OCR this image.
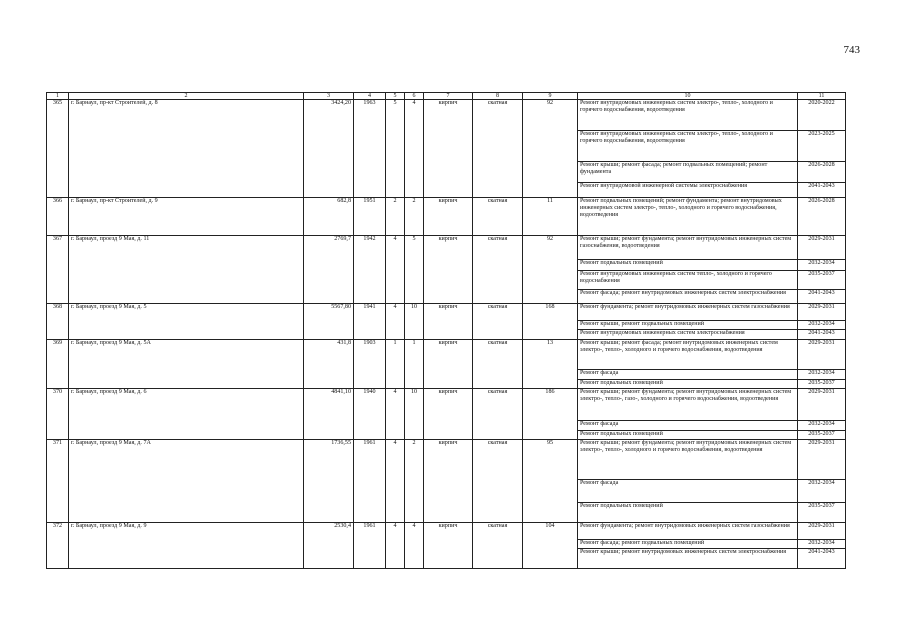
743
1	2	3	4	5	6	7	8	9	10	11
365	г. Барнаул, пр-кт Строителей, д. 8	3424,20	1963	5	4	кирпич	скатная	92	Ремонт внутридомовых инженерных систем электро-, тепло-, холодного и горячего водоснабжения, водоотведения	2020-2022
									Ремонт внутридомовых инженерных систем электро-, тепло-, холодного и горячего водоснабжения, водоотведения	2023-2025
									Ремонт крыши; ремонт фасада; ремонт подвальных помещений; ремонт фундамента	2026-2028
									Ремонт внутридомовой инженерной системы электроснабжения	2041-2043
366	г. Барнаул, пр-кт Строителей, д. 9	682,8	1951	2	2	кирпич	скатная	11	Ремонт подвальных помещений; ремонт фундамента; ремонт внутридомовых инженерных систем электро-, тепло-, холодного и горячего водоснабжения, водоотведения	2026-2028
367	г. Барнаул, проезд 9 Мая, д. 11	2769,7	1942	4	5	кирпич	скатная	92	Ремонт крыши; ремонт фундамента; ремонт внутридомовых инженерных систем газоснабжения, водоотведения	2029-2031
									Ремонт подвальных помещений	2032-2034
									Ремонт внутридомовых инженерных систем тепло-, холодного и горячего водоснабжения	2035-2037
									Ремонт фасада; ремонт внутридомовых инженерных систем электроснабжения	2041-2043
368	г. Барнаул, проезд 9 Мая, д. 5	5567,80	1941	4	10	кирпич	скатная	168	Ремонт фундамента; ремонт внутридомовых инженерных систем газоснабжения	2029-2031
									Ремонт крыши, ремонт подвальных помещений	2032-2034
									Ремонт внутридомовых инженерных систем электроснабжения	2041-2043
369	г. Барнаул, проезд 9 Мая, д. 5А	431,8	1903	1	1	кирпич	скатная	13	Ремонт крыши; ремонт фасада; ремонт внутридомовых инженерных систем электро-, тепло-, холодного и горячего водоснабжения, водоотведения	2029-2031
									Ремонт фасада	2032-2034
									Ремонт подвальных помещений	2035-2037
370	г. Барнаул, проезд 9 Мая, д. 6	4841,10	1940	4	10	кирпич	скатная	186	Ремонт крыши; ремонт фундамента; ремонт внутридомовых инженерных систем электро-, тепло-, газо-, холодного и горячего водоснабжения, водоотведения	2029-2031
									Ремонт фасада	2032-2034
									Ремонт подвальных помещений	2035-2037
371	г. Барнаул, проезд 9 Мая, д. 7А	1736,55	1961	4	2	кирпич	скатная	95	Ремонт крыши; ремонт фундамента; ремонт внутридомовых инженерных систем электро-, тепло-, холодного и горячего водоснабжения, водоотведения	2029-2031
									Ремонт фасада	2032-2034
									Ремонт подвальных помещений	2035-2037
372	г. Барнаул, проезд 9 Мая, д. 9	2530,4	1961	4	4	кирпич	скатная	104	Ремонт фундамента; ремонт внутридомовых инженерных систем газоснабжения	2029-2031
									Ремонт фасада; ремонт подвальных помещений	2032-2034
									Ремонт крыши; ремонт внутридомовых инженерных систем электроснабжения	2041-2043
